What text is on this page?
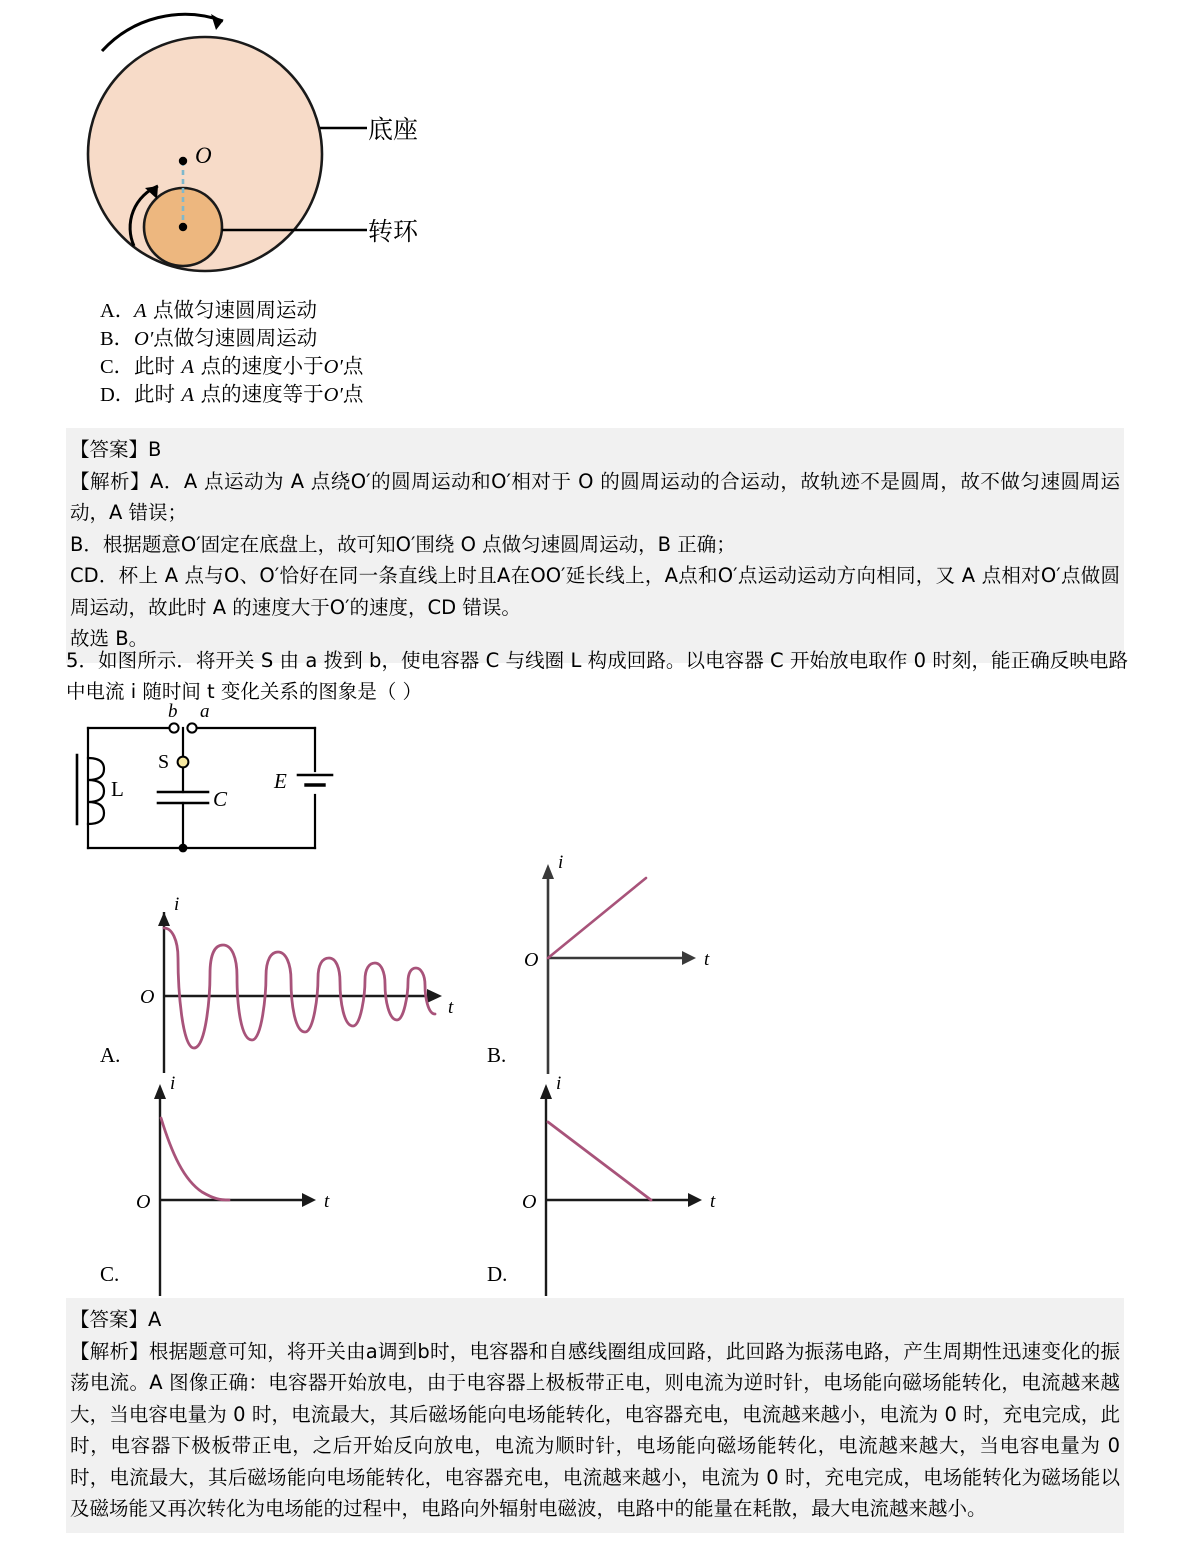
O
底座
转环
A．A 点做匀速圆周运动
B．O′点做匀速圆周运动
C．此时 A 点的速度小于O′点
D．此时 A 点的速度等于O′点

【答案】B

【解析】A．A 点运动为 A 点绕O′的圆周运动和O′相对于 O 的圆周运动的合运动，故轨迹不是圆周，故不做匀速圆周运动，A 错误；

B．根据题意O′固定在底盘上，故可知O′围绕 O 点做匀速圆周运动，B 正确；

CD．杯上 A 点与O、O′恰好在同一条直线上时且A在OO′延长线上，A点和O′点运动运动方向相同，又 A 点相对O′点做圆周运动，故此时 A 的速度大于O′的速度，CD 错误。

故选 B。

5．如图所示．将开关 S 由 a 拨到 b，使电容器 C 与线圈 L 构成回路。以电容器 C 开始放电取作 0 时刻，能正确反映电路中电流 i 随时间 t 变化关系的图象是（ ）
b a
S
L	C
E
i
t
O
A.
i
t
O
B.
i
t
O
C.
i
t
O
D.

【答案】A

【解析】根据题意可知，将开关由a调到b时，电容器和自感线圈组成回路，此回路为振荡电路，产生周期性迅速变化的振荡电流。A 图像正确：电容器开始放电，由于电容器上极板带正电，则电流为逆时针，电场能向磁场能转化，电流越来越大，当电容电量为 0 时，电流最大，其后磁场能向电场能转化，电容器充电，电流越来越小，电流为 0 时，充电完成，此时，电容器下极板带正电，之后开始反向放电，电流为顺时针，电场能向磁场能转化，电流越来越大，当电容电量为 0 时，电流最大，其后磁场能向电场能转化，电容器充电，电流越来越小，电流为 0 时，充电完成，电场能转化为磁场能以及磁场能又再次转化为电场能的过程中，电路向外辐射电磁波，电路中的能量在耗散，最大电流越来越小。
